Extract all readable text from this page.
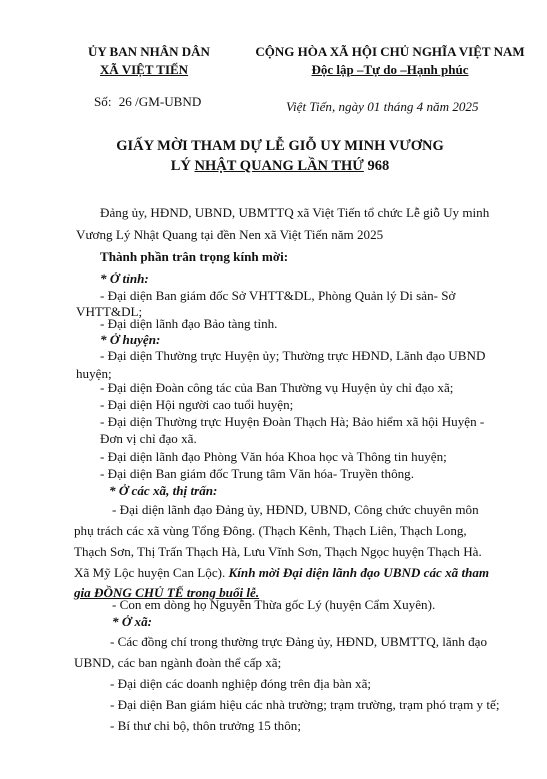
ỦY BAN NHÂN DÂN
XÃ VIỆT TIẾN
CỘNG HÒA XÃ HỘI CHỦ NGHĨA VIỆT NAM
Độc lập –Tự do –Hạnh phúc
Số: 26 /GM-UBND	Việt Tiến, ngày 01 tháng 4 năm 2025
GIẤY MỜI THAM DỰ LỄ GIỖ UY MINH VƯƠNG
LÝ NHẬT QUANG LẦN THỨ 968
Đảng ủy, HĐND, UBND, UBMTTQ xã Việt Tiến tổ chức Lễ giỗ Uy minh
Vương Lý Nhật Quang tại đền Nen xã Việt Tiến năm 2025
Thành phần trân trọng kính mời:
* Ở tỉnh:
- Đại diện Ban giám đốc Sở VHTT&DL, Phòng Quản lý Di sản- Sở
VHTT&DL;
- Đại diện lãnh đạo Bảo tàng tỉnh.
* Ở huyện:
- Đại diện Thường trực Huyện ủy; Thường trực HĐND, Lãnh đạo UBND
huyện;
- Đại diện Đoàn công tác của Ban Thường vụ Huyện ủy chỉ đạo xã;
- Đại diện Hội người cao tuổi huyện;
- Đại diện Thường trực Huyện Đoàn Thạch Hà; Bảo hiểm xã hội Huyện -
Đơn vị chỉ đạo xã.
- Đại diện lãnh đạo Phòng Văn hóa Khoa học và Thông tin huyện;
- Đại diện Ban giám đốc Trung tâm Văn hóa- Truyền thông.
* Ở các xã, thị trấn:
- Đại diện lãnh đạo Đảng ủy, HĐND, UBND, Công chức chuyên môn
phụ trách các xã vùng Tổng Đông. (Thạch Kênh, Thạch Liên, Thạch Long,
Thạch Sơn, Thị Trấn Thạch Hà, Lưu Vĩnh Sơn, Thạch Ngọc huyện Thạch Hà.
Xã Mỹ Lộc huyện Can Lộc). Kính mời Đại diện lãnh đạo UBND các xã tham
gia ĐỒNG CHỦ TẾ trong buổi lễ.
- Con em dòng họ Nguyễn Thừa gốc Lý (huyện Cẩm Xuyên).
* Ở xã:
- Các đồng chí trong thường trực Đảng ủy, HĐND, UBMTTQ, lãnh đạo
UBND, các ban ngành đoàn thể cấp xã;
- Đại diện các doanh nghiệp đóng trên địa bàn xã;
- Đại diện Ban giám hiệu các nhà trường; trạm trường, trạm phó trạm y tế;
- Bí thư chi bộ, thôn trưởng 15 thôn;
